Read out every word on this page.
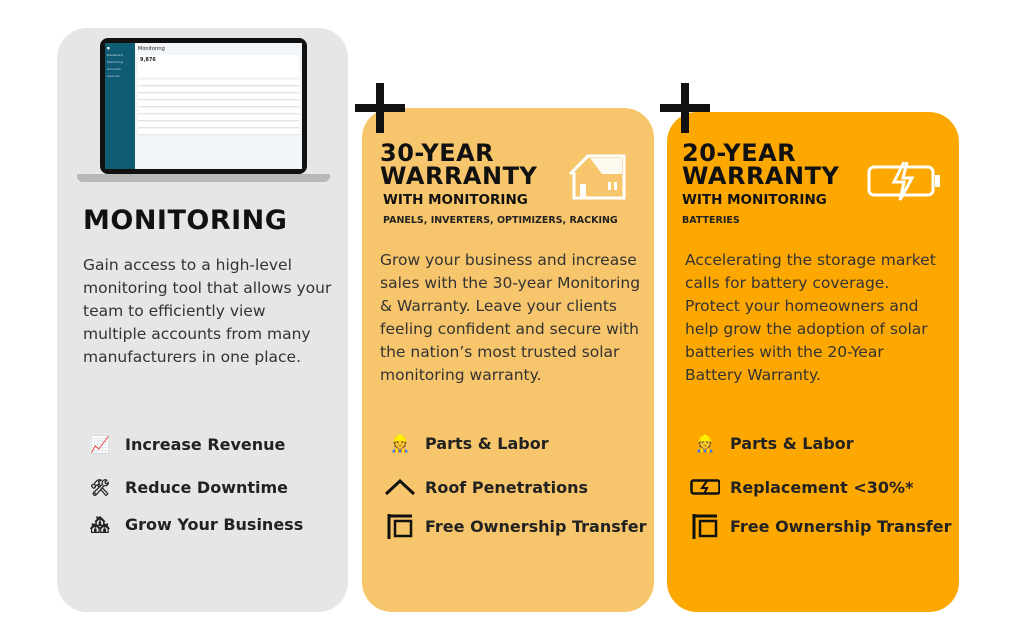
■
Dashboard
Monitoring
Accounts
Invoices
Monitoring
9,876
MONITORING
Gain access to a high-level monitoring tool that allows your team to efficiently view multiple accounts from many manufacturers in one place.
📈 Increase Revenue
🛠 Reduce Downtime
🏘 Grow Your Business
30-YEAR
WARRANTY
WITH MONITORING
PANELS, INVERTERS, OPTIMIZERS, RACKING
Grow your business and increase sales with the 30-year Monitoring & Warranty. Leave your clients feeling confident and secure with the nation’s most trusted solar monitoring warranty.
👷 Parts & Labor
Roof Penetrations
Free Ownership Transfer
20-YEAR
WARRANTY
WITH MONITORING
BATTERIES
Accelerating the storage market calls for battery coverage. Protect your homeowners and help grow the adoption of solar batteries with the 20-Year Battery Warranty.
👷 Parts & Labor
Replacement <30%*
Free Ownership Transfer
